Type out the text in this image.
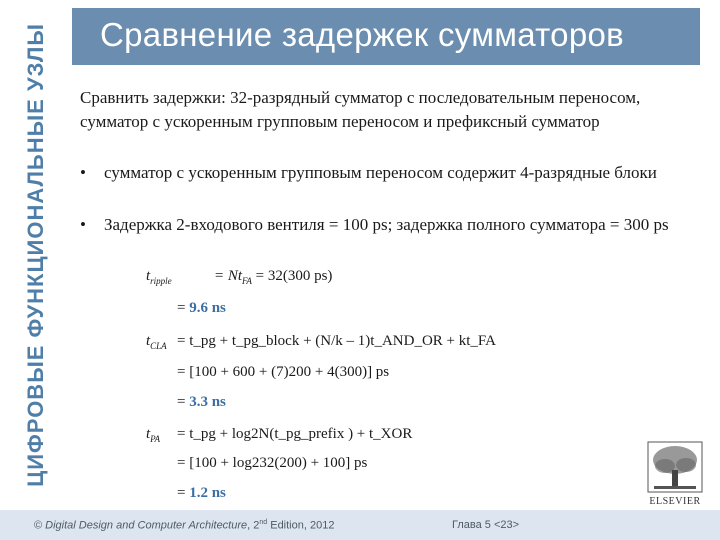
ЦИФРОВЫЕ ФУНКЦИОНАЛЬНЫЕ УЗЛЫ Сравнение задержек сумматоров
Сравнить задержки: 32-разрядный сумматор с последовательным переносом, сумматор с ускоренным групповым переносом и префиксный сумматор
• сумматор с ускоренным групповым переносом содержит 4-разрядные блоки
• Задержка 2-входового вентиля = 100 ps; задержка полного сумматора = 300 ps
$t_{ripple}$	= $Nt_{FA} = 32(300$ ps)
= 9.6 ns
$t_{CLA}$ = t_pg + t_pg_block + (N/k – 1)t_AND_OR + kt_FA
= [100 + 600 + (7)200 + 4(300)] ps
= 3.3 ns
$t_{PA}$ = t_pg + log2N(t_pg_prefix ) + t_XOR
= [100 + log232(200) + 100] ps
= 1.2 ns
ELSEVIER
© Digital Design and Computer Architecture, 2nd Edition, 2012	Глава 5 <23>
